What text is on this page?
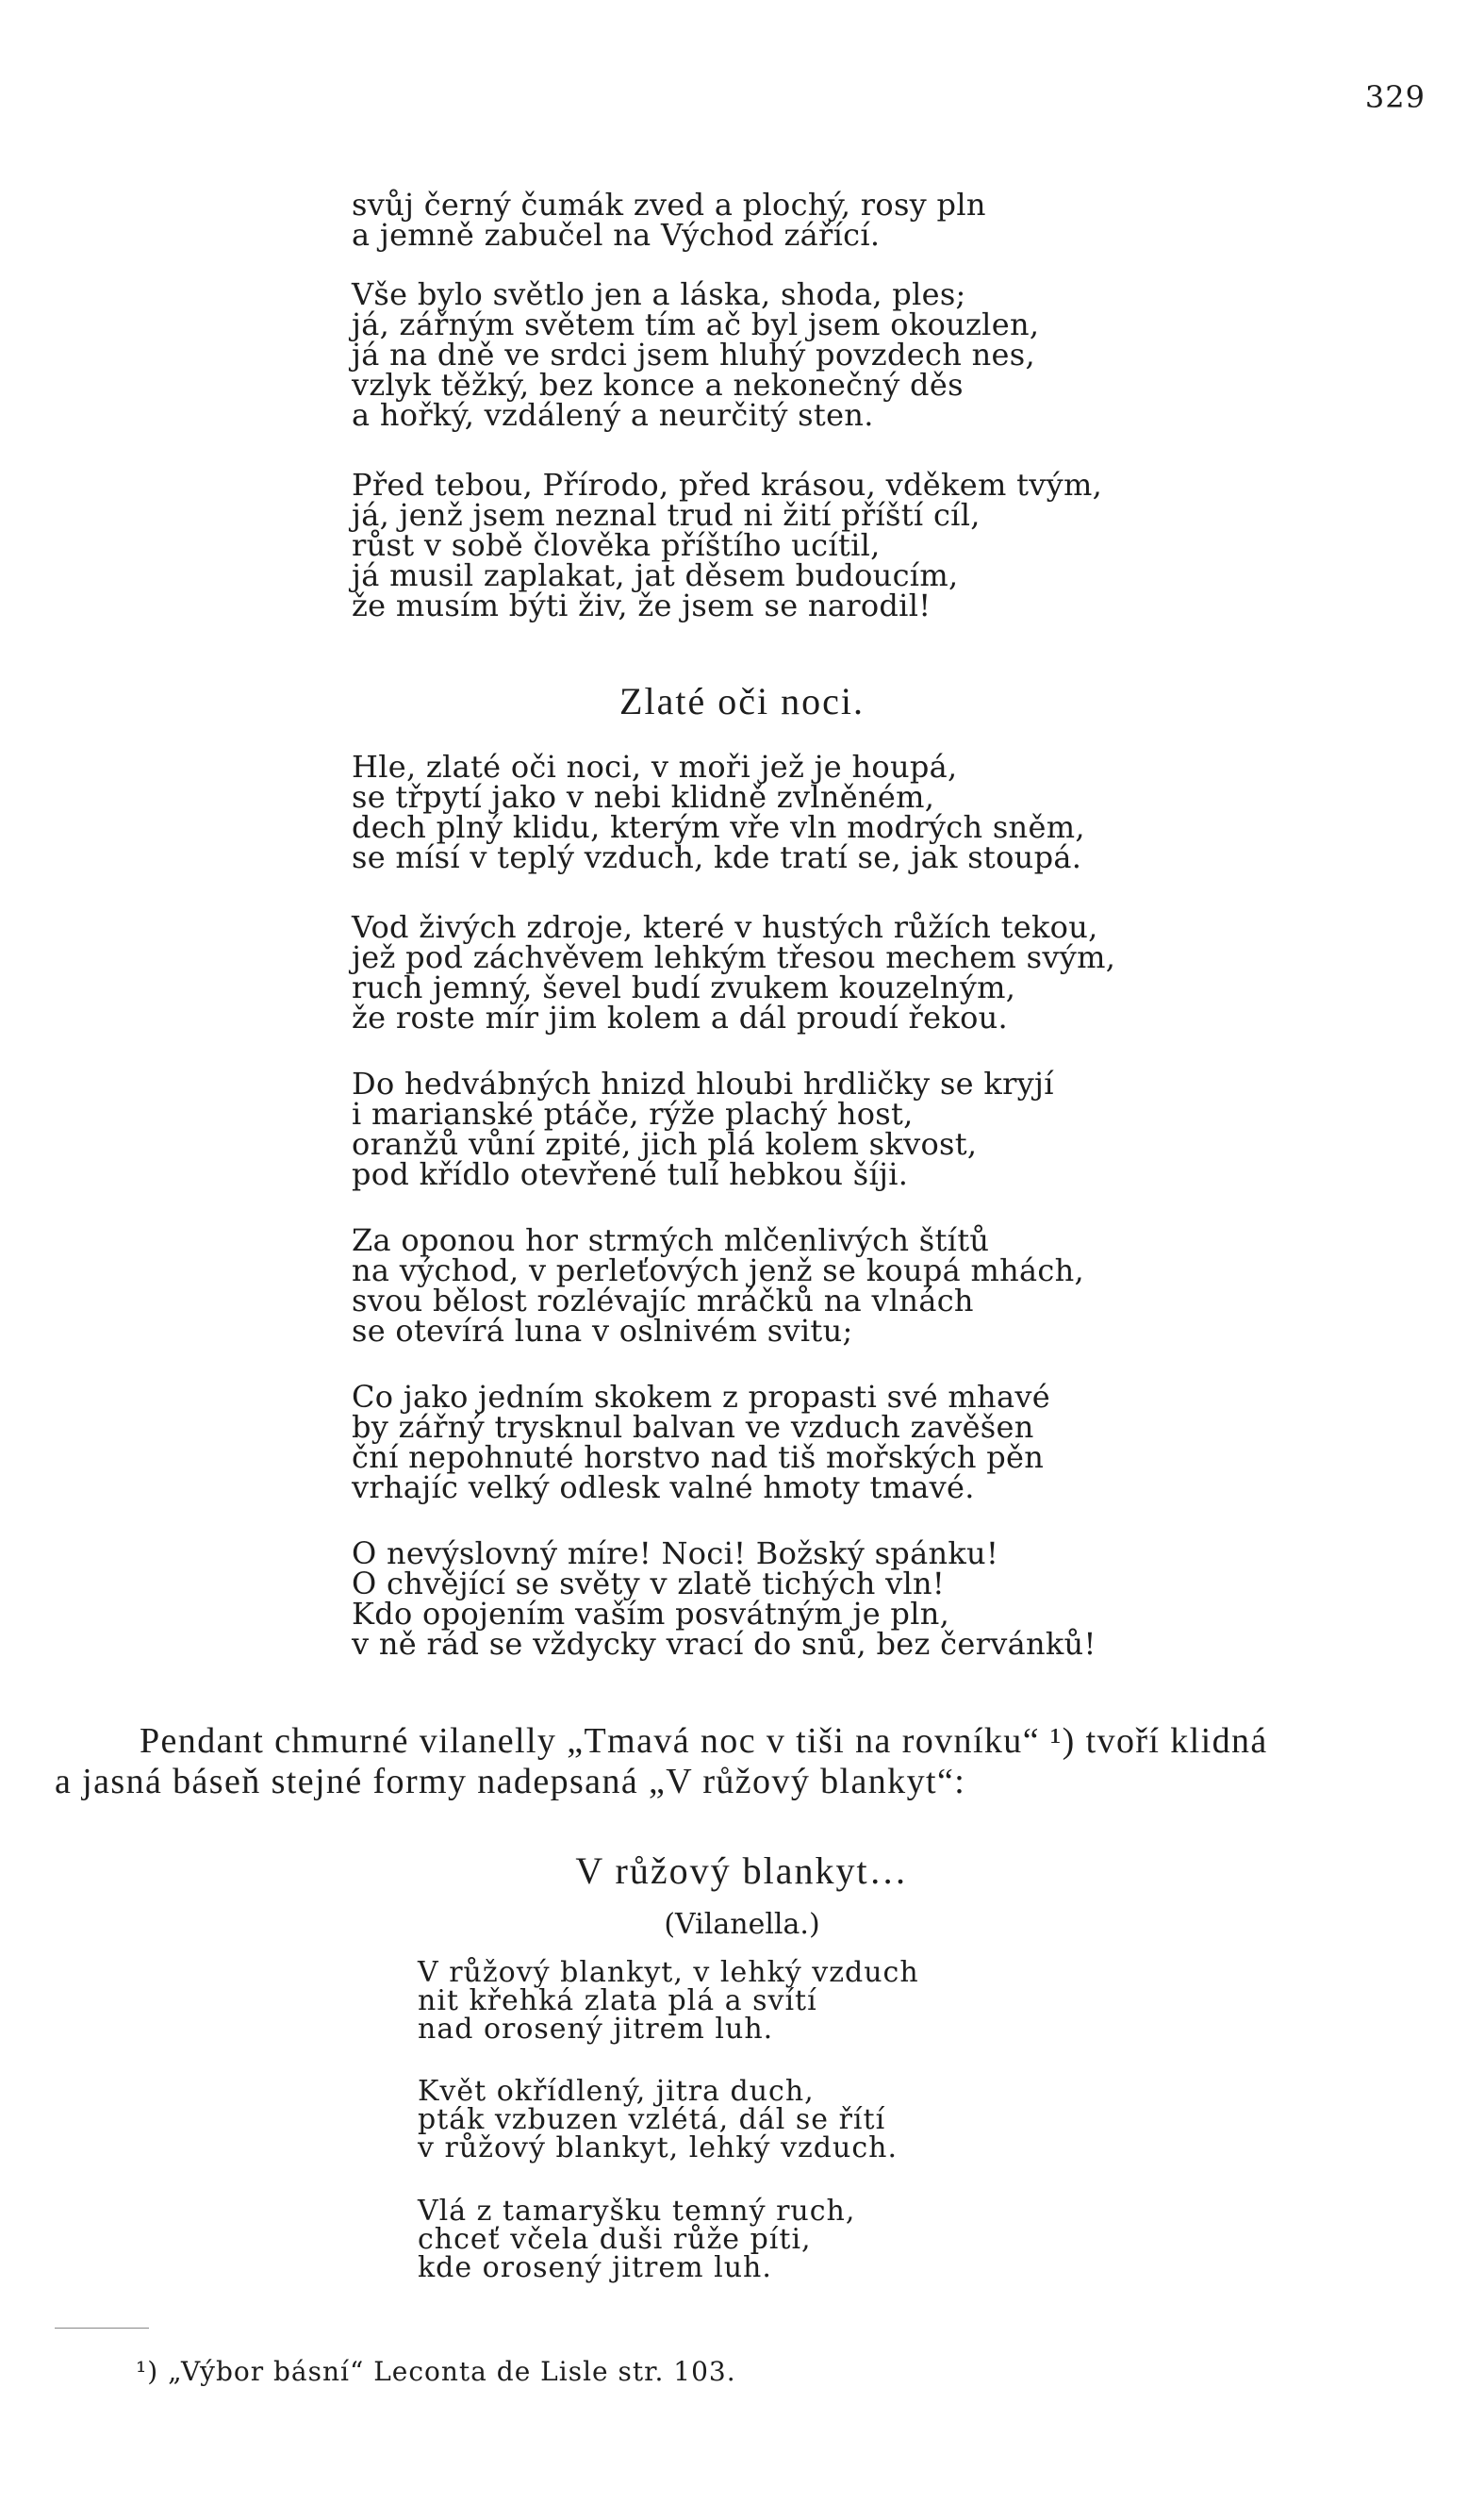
329
svůj černý čumák zved a plochý, rosy pln
a jemně zabučel na Východ zářící.
Vše bylo světlo jen a láska, shoda, ples;
já, zářným světem tím ač byl jsem okouzlen,
já na dně ve srdci jsem hluhý povzdech nes,
vzlyk těžký, bez konce a nekonečný děs
a hořký, vzdálený a neurčitý sten.
Před tebou, Přírodo, před krásou, vděkem tvým,
já, jenž jsem neznal trud ni žití příští cíl,
růst v sobě člověka příštího ucítil,
já musil zaplakat, jat děsem budoucím,
že musím býti živ, že jsem se narodil!
Zlaté oči noci.
Hle, zlaté oči noci, v moři jež je houpá,
se třpytí jako v nebi klidně zvlněném,
dech plný klidu, kterým vře vln modrých sněm,
se mísí v teplý vzduch, kde tratí se, jak stoupá.
Vod živých zdroje, které v hustých růžích tekou,
jež pod záchvěvem lehkým třesou mechem svým,
ruch jemný, ševel budí zvukem kouzelným,
že roste mír jim kolem a dál proudí řekou.
Do hedvábných hnizd hloubi hrdličky se kryjí
i marianské ptáče, rýže plachý host,
oranžů vůní zpité, jich plá kolem skvost,
pod křídlo otevřené tulí hebkou šíji.
Za oponou hor strmých mlčenlivých štítů
na východ, v perleťových jenž se koupá mhách,
svou bělost rozlévajíc mráčků na vlnách
se otevírá luna v oslnivém svitu;
Co jako jedním skokem z propasti své mhavé
by zářný trysknul balvan ve vzduch zavěšen
ční nepohnuté horstvo nad tiš mořských pěn
vrhajíc velký odlesk valné hmoty tmavé.
O nevýslovný míre! Noci! Božský spánku!
O chvějící se světy v zlatě tichých vln!
Kdo opojením vaším posvátným je pln,
v ně rád se vždycky vrací do snů, bez červánků!
Pendant chmurné vilanelly „Tmavá noc v tiši na rovníku“ ¹) tvoří klidná
a jasná báseň stejné formy nadepsaná „V růžový blankyt“:
V růžový blankyt…
(Vilanella.)
V růžový blankyt, v lehký vzduch
nit křehká zlata plá a svítí
nad orosený jitrem luh.
Květ okřídlený, jitra duch,
pták vzbuzen vzlétá, dál se řítí
v růžový blankyt, lehký vzduch.
Vlá z tamaryšku temný ruch,
chceť včela duši růže píti,
kde orosený jitrem luh.
¹) „Výbor básní“ Leconta de Lisle str. 103.
